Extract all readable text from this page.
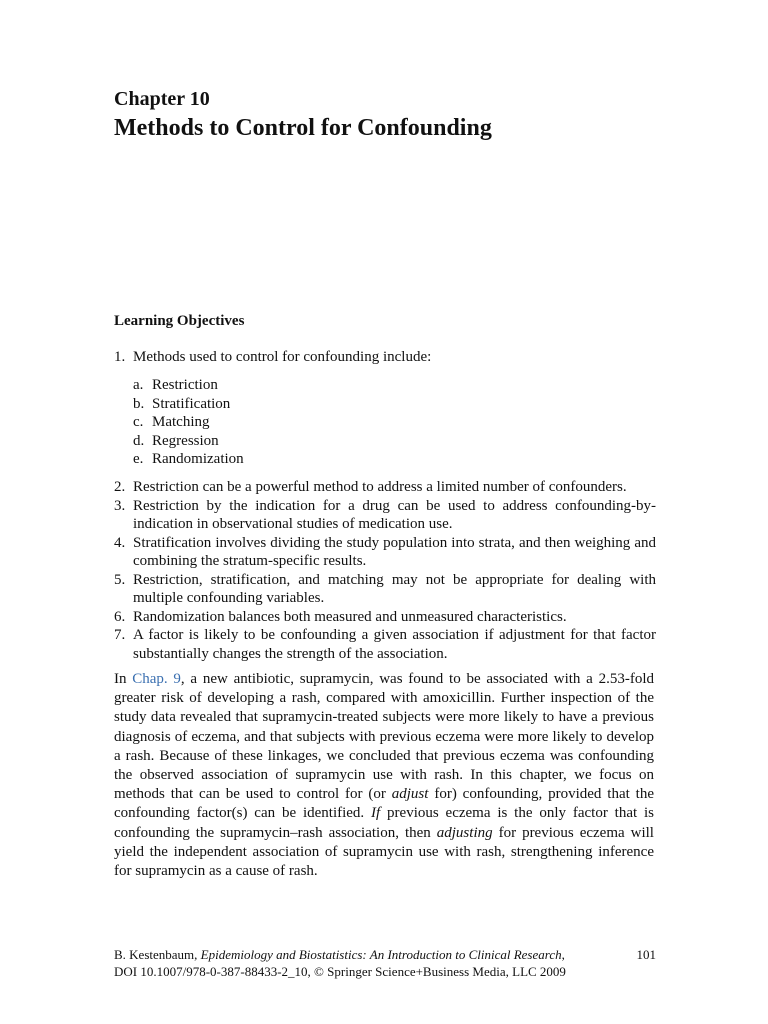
Chapter 10
Methods to Control for Confounding
Learning Objectives
1. Methods used to control for confounding include:
a. Restriction
b. Stratification
c. Matching
d. Regression
e. Randomization
2. Restriction can be a powerful method to address a limited number of confounders.
3. Restriction by the indication for a drug can be used to address confounding-by-indication in observational studies of medication use.
4. Stratification involves dividing the study population into strata, and then weighing and combining the stratum-specific results.
5. Restriction, stratification, and matching may not be appropriate for dealing with multiple confounding variables.
6. Randomization balances both measured and unmeasured characteristics.
7. A factor is likely to be confounding a given association if adjustment for that factor substantially changes the strength of the association.
In Chap. 9, a new antibiotic, supramycin, was found to be associated with a 2.53-fold greater risk of developing a rash, compared with amoxicillin. Further inspection of the study data revealed that supramycin-treated subjects were more likely to have a previous diagnosis of eczema, and that subjects with previous eczema were more likely to develop a rash. Because of these linkages, we concluded that previous eczema was confounding the observed association of supramycin use with rash. In this chapter, we focus on methods that can be used to control for (or adjust for) confounding, provided that the confounding factor(s) can be identified. If previous eczema is the only factor that is confounding the supramycin–rash association, then adjusting for previous eczema will yield the independent association of supramycin use with rash, strengthening inference for supramycin as a cause of rash.
B. Kestenbaum, Epidemiology and Biostatistics: An Introduction to Clinical Research,	101
DOI 10.1007/978-0-387-88433-2_10, © Springer Science+Business Media, LLC 2009
